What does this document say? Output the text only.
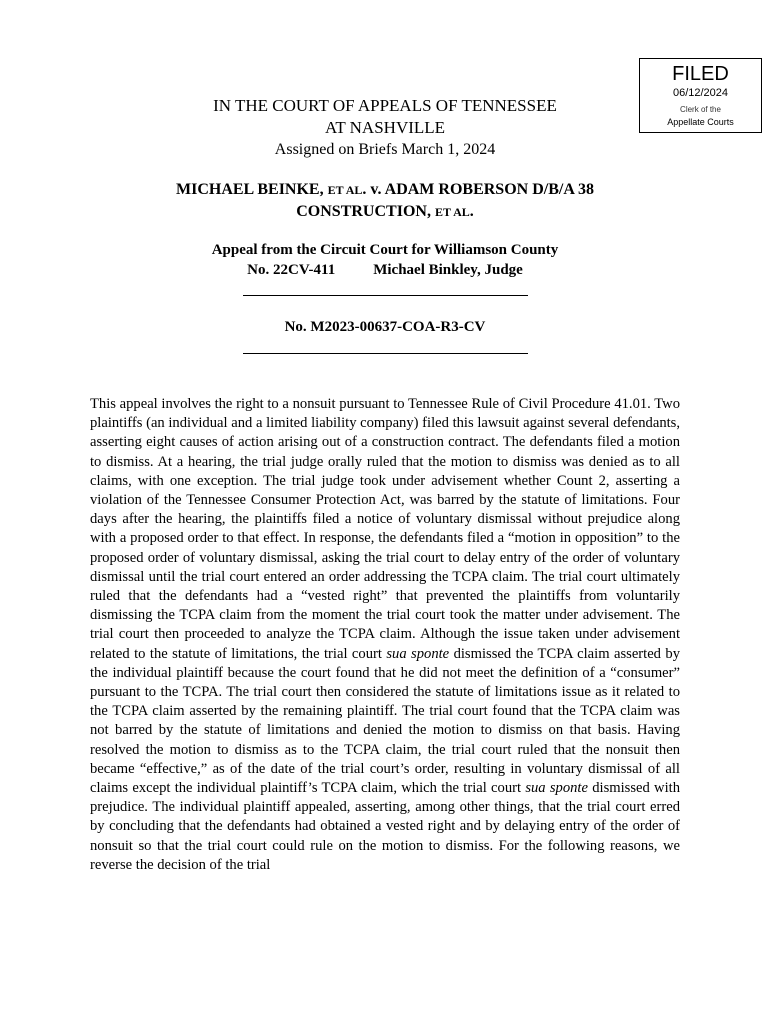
FILED
06/12/2024
Clerk of the
Appellate Courts
IN THE COURT OF APPEALS OF TENNESSEE
AT NASHVILLE
Assigned on Briefs March 1, 2024
MICHAEL BEINKE, ET AL. v. ADAM ROBERSON D/B/A 38
CONSTRUCTION, ET AL.
Appeal from the Circuit Court for Williamson County
No. 22CV-411	Michael Binkley, Judge
No. M2023-00637-COA-R3-CV

This appeal involves the right to a nonsuit pursuant to Tennessee Rule of Civil Procedure 41.01. Two plaintiffs (an individual and a limited liability company) filed this lawsuit against several defendants, asserting eight causes of action arising out of a construction contract. The defendants filed a motion to dismiss. At a hearing, the trial judge orally ruled that the motion to dismiss was denied as to all claims, with one exception. The trial judge took under advisement whether Count 2, asserting a violation of the Tennessee Consumer Protection Act, was barred by the statute of limitations. Four days after the hearing, the plaintiffs filed a notice of voluntary dismissal without prejudice along with a proposed order to that effect. In response, the defendants filed a “motion in opposition” to the proposed order of voluntary dismissal, asking the trial court to delay entry of the order of voluntary dismissal until the trial court entered an order addressing the TCPA claim. The trial court ultimately ruled that the defendants had a “vested right” that prevented the plaintiffs from voluntarily dismissing the TCPA claim from the moment the trial court took the matter under advisement. The trial court then proceeded to analyze the TCPA claim. Although the issue taken under advisement related to the statute of limitations, the trial court sua sponte dismissed the TCPA claim asserted by the individual plaintiff because the court found that he did not meet the definition of a “consumer” pursuant to the TCPA. The trial court then considered the statute of limitations issue as it related to the TCPA claim asserted by the remaining plaintiff. The trial court found that the TCPA claim was not barred by the statute of limitations and denied the motion to dismiss on that basis. Having resolved the motion to dismiss as to the TCPA claim, the trial court ruled that the nonsuit then became “effective,” as of the date of the trial court’s order, resulting in voluntary dismissal of all claims except the individual plaintiff’s TCPA claim, which the trial court sua sponte dismissed with prejudice. The individual plaintiff appealed, asserting, among other things, that the trial court erred by concluding that the defendants had obtained a vested right and by delaying entry of the order of nonsuit so that the trial court could rule on the motion to dismiss. For the following reasons, we reverse the decision of the trial
